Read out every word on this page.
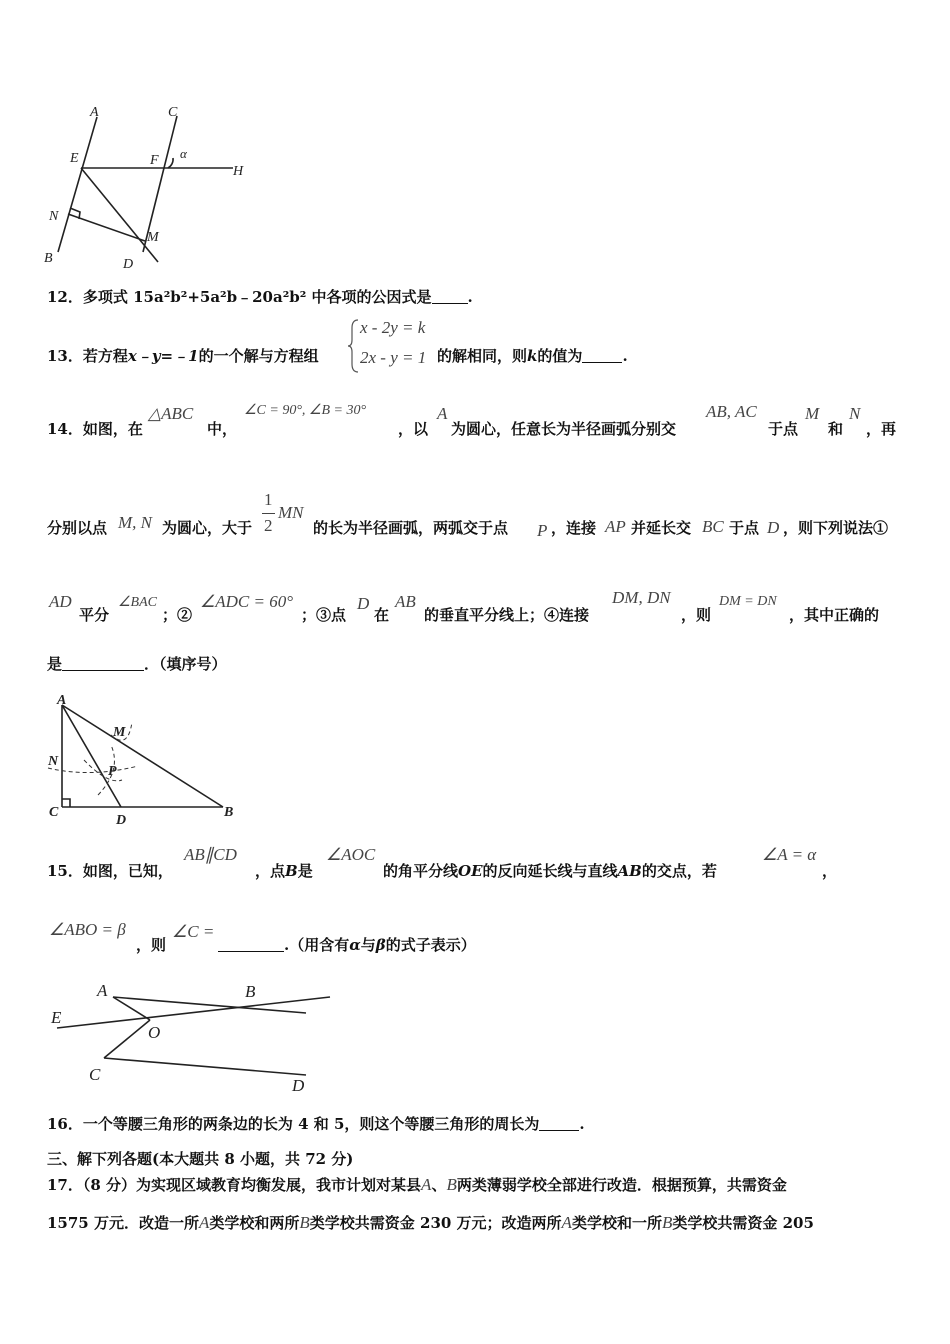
A	C
E	F α
H
N
M
B	D
12．多项式 15a²b²+5a²b﹣20a²b² 中各项的公因式是 .
13．若方程x﹣y=﹣1的一个解与方程组
x - 2y = k
2x - y = 1 的解相同，则k的值为	.
14．如图，在
△ABC
中，
∠C = 90°, ∠B = 30°
，以
A
为圆心，任意长为半径画弧分别交
AB, AC
于点
M
和
N
，再
分别以点 M, N 为圆心，大于
1
2
MN
的长为半径画弧，两弧交于点 P ，连接 AP 并延长交 BC 于点 D ，则下列说法①
AD
平分
∠BAC
；②
∠ADC = 60°
；③点
D
在
AB
的垂直平分线上；④连接
DM, DN
，则
DM = DN
，其中正确的
是	．（填序号）
A
M
N
P
C
D
B
15．如图，已知，
AB∥CD
，点B是
∠AOC
的角平分线OE的反向延长线与直线AB的交点，若
∠A = α
，
∠ABO = β
，则
∠C =
.（用含有α与β的式子表示）
A	B
E
O
C
D
16．一个等腰三角形的两条边的长为 4 和 5，则这个等腰三角形的周长为	.
三、解下列各题(本大题共 8 小题，共 72 分)
17．（8 分）为实现区域教育均衡发展，我市计划对某县A、B两类薄弱学校全部进行改造．根据预算，共需资金
1575 万元．改造一所A类学校和两所B类学校共需资金 230 万元；改造两所A类学校和一所B类学校共需资金 205
